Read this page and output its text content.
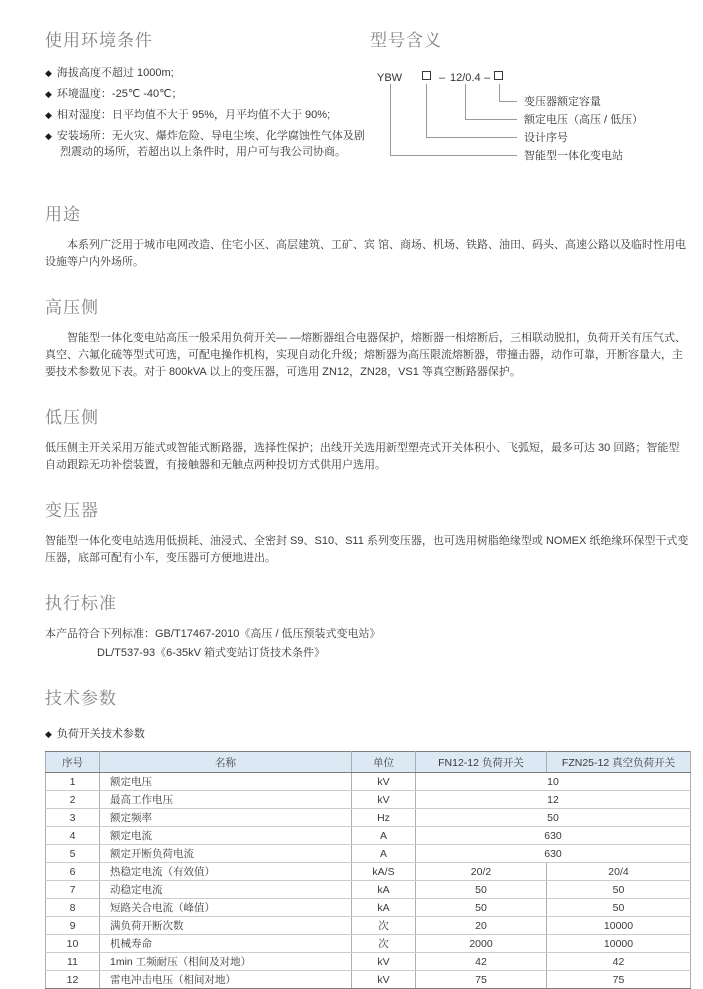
使用环境条件
◆ 海拔高度不超过 1000m;
◆ 环境温度：-25℃ -40℃；
◆ 相对湿度：日平均值不大于 95%，月平均值不大于 90%;
◆ 安装场所：无火灾、爆炸危险、导电尘埃、化学腐蚀性气体及剧烈震动的场所，若超出以上条件时，用户可与我公司协商。
型号含义
YBW	– 12/0.4 –
变压器额定容量
额定电压（高压 / 低压）
设计序号
智能型一体化变电站
用途

本系列广泛用于城市电网改造、住宅小区、高层建筑、工矿、宾 馆、商场、机场、铁路、油田、码头、高速公路以及临时性用电设施等户内外场所。

高压侧

智能型一体化变电站高压一般采用负荷开关— —熔断器组合电器保护，熔断器一相熔断后，三相联动脱扣，负荷开关有压气式、真空、六氟化硫等型式可选，可配电操作机构，实现自动化升级；熔断器为高压限流熔断器，带撞击器，动作可靠，开断容量大，主要技术参数见下表。对于 800kVA 以上的变压器，可选用 ZN12，ZN28，VS1 等真空断路器保护。

低压侧

低压侧主开关采用万能式或智能式断路器，选择性保护；出线开关选用新型塑壳式开关体积小、飞弧短，最多可达 30 回路；智能型自动跟踪无功补偿装置，有接触器和无触点两种投切方式供用户选用。

变压器

智能型一体化变电站选用低损耗、油浸式、全密封 S9、S10、S11 系列变压器，也可选用树脂绝缘型或 NOMEX 纸绝缘环保型干式变压器，底部可配有小车，变压器可方便地进出。

执行标准

本产品符合下列标准：GB/T17467-2010《高压 / 低压预装式变电站》

DL/T537-93《6-35kV 箱式变站订货技术条件》

技术参数
◆ 负荷开关技术参数
序号	名称	单位	FN12-12 负荷开关	FZN25-12 真空负荷开关
1	额定电压	kV	10	
2	最高工作电压	kV	12	
3	额定频率	Hz	50	
4	额定电流	A	630	
5	额定开断负荷电流	A	630	
6	热稳定电流（有效值）	kA/S	20/2	20/4
7	动稳定电流	kA	50	50
8	短路关合电流（峰值）	kA	50	50
9	满负荷开断次数	次	20	10000
10	机械寿命	次	2000	10000
11	1min 工频耐压（相间及对地）	kV	42	42
12	雷电冲击电压（相间对地）	kV	75	75
